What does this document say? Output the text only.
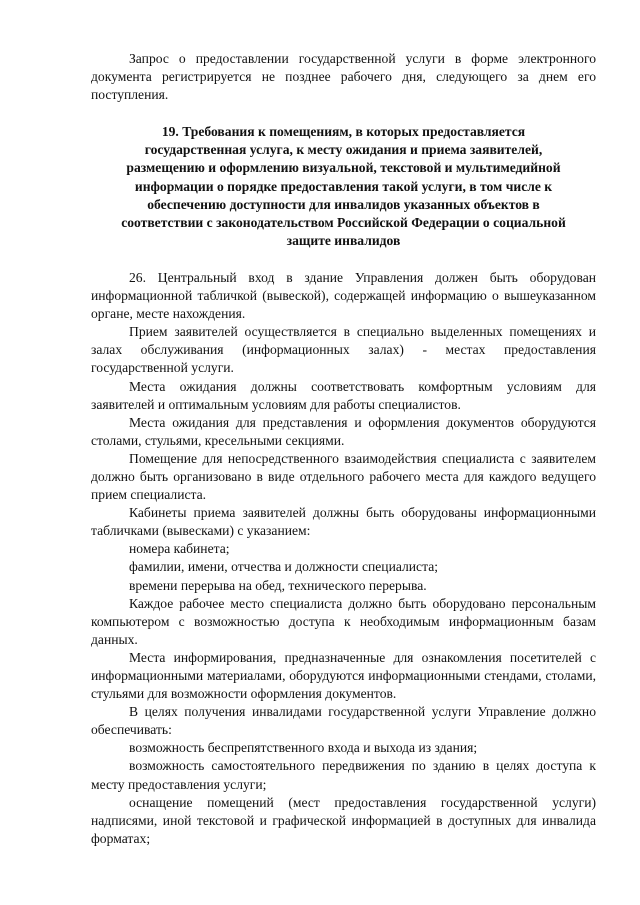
Запрос о предоставлении государственной услуги в форме электронного документа регистрируется не позднее рабочего дня, следующего за днем его поступления.

19. Требования к помещениям, в которых предоставляется государственная услуга, к месту ожидания и приема заявителей, размещению и оформлению визуальной, текстовой и мультимедийной информации о порядке предоставления такой услуги, в том числе к обеспечению доступности для инвалидов указанных объектов в соответствии с законодательством Российской Федерации о социальной защите инвалидов

26. Центральный вход в здание Управления должен быть оборудован информационной табличкой (вывеской), содержащей информацию о вышеуказанном органе, месте нахождения.

Прием заявителей осуществляется в специально выделенных помещениях и залах обслуживания (информационных залах) - местах предоставления государственной услуги.

Места ожидания должны соответствовать комфортным условиям для заявителей и оптимальным условиям для работы специалистов.

Места ожидания для представления и оформления документов оборудуются столами, стульями, кресельными секциями.

Помещение для непосредственного взаимодействия специалиста с заявителем должно быть организовано в виде отдельного рабочего места для каждого ведущего прием специалиста.

Кабинеты приема заявителей должны быть оборудованы информационными табличками (вывесками) с указанием:

номера кабинета;

фамилии, имени, отчества и должности специалиста;

времени перерыва на обед, технического перерыва.

Каждое рабочее место специалиста должно быть оборудовано персональным компьютером с возможностью доступа к необходимым информационным базам данных.

Места информирования, предназначенные для ознакомления посетителей с информационными материалами, оборудуются информационными стендами, столами, стульями для возможности оформления документов.

В целях получения инвалидами государственной услуги Управление должно обеспечивать:

возможность беспрепятственного входа и выхода из здания;

возможность самостоятельного передвижения по зданию в целях доступа к месту предоставления услуги;

оснащение помещений (мест предоставления государственной услуги) надписями, иной текстовой и графической информацией в доступных для инвалида форматах;
